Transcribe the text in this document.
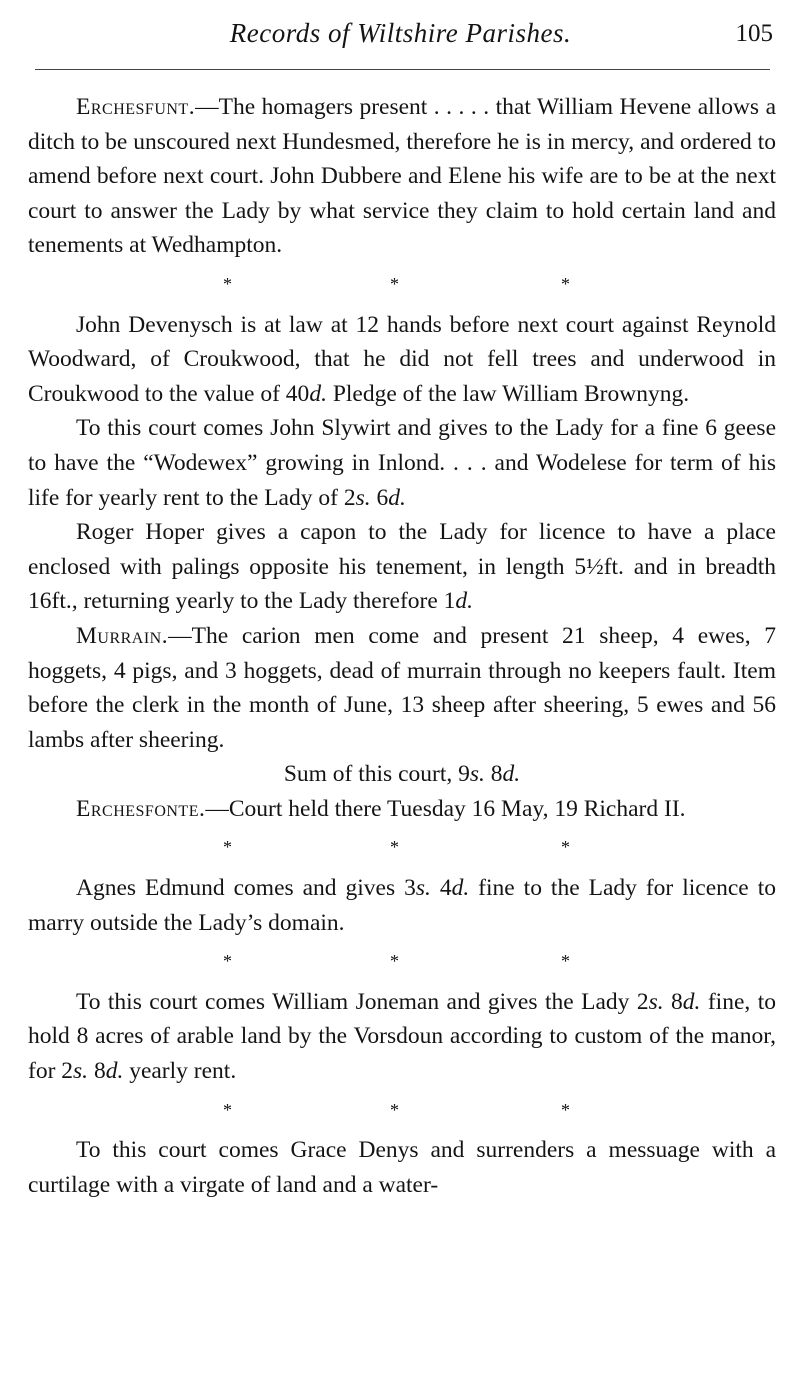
Records of Wiltshire Parishes.	105

Erchesfunt.—The homagers present . . . . . that William Hevene allows a ditch to be unscoured next Hundesmed, therefore he is in mercy, and ordered to amend before next court. John Dubbere and Elene his wife are to be at the next court to answer the Lady by what service they claim to hold certain land and tenements at Wedhampton.

*	*	*

John Devenysch is at law at 12 hands before next court against Reynold Woodward, of Croukwood, that he did not fell trees and underwood in Croukwood to the value of 40d. Pledge of the law William Brownyng.

To this court comes John Slywirt and gives to the Lady for a fine 6 geese to have the “Wodewex” growing in Inlond. . . . and Wodelese for term of his life for yearly rent to the Lady of 2s. 6d.

Roger Hoper gives a capon to the Lady for licence to have a place enclosed with palings opposite his tenement, in length 5½ft. and in breadth 16ft., returning yearly to the Lady therefore 1d.

Murrain.—The carion men come and present 21 sheep, 4 ewes, 7 hoggets, 4 pigs, and 3 hoggets, dead of murrain through no keepers fault. Item before the clerk in the month of June, 13 sheep after sheering, 5 ewes and 56 lambs after sheering.

Sum of this court, 9s. 8d.

Erchesfonte.—Court held there Tuesday 16 May, 19 Richard II.

*	*	*

Agnes Edmund comes and gives 3s. 4d. fine to the Lady for licence to marry outside the Lady’s domain.

*	*	*

To this court comes William Joneman and gives the Lady 2s. 8d. fine, to hold 8 acres of arable land by the Vorsdoun according to custom of the manor, for 2s. 8d. yearly rent.

*	*	*

To this court comes Grace Denys and surrenders a messuage with a curtilage with a virgate of land and a water-
